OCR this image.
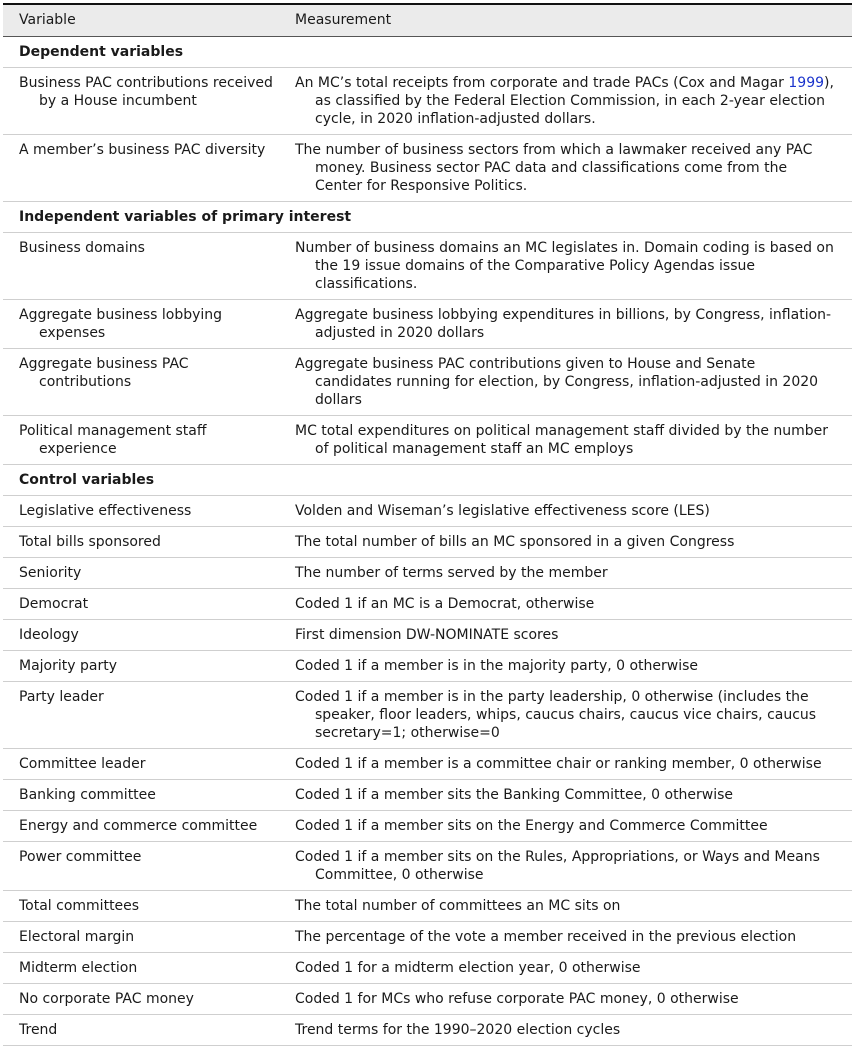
Variable	Measurement
Dependent variables	

Business PAC contributions received by a House incumbent	An MC’s total receipts from corporate and trade PACs (Cox and Magar 1999), as classified by the Federal Election Commission, in each 2-year election cycle, in 2020 inflation-adjusted dollars.

A member’s business PAC diversity	The number of business sectors from which a lawmaker received any PAC money. Business sector PAC data and classifications come from the Center for Responsive Politics.

Independent variables of primary interest	

Business domains	Number of business domains an MC legislates in. Domain coding is based on the 19 issue domains of the Comparative Policy Agendas issue classifications.

Aggregate business lobbying expenses	Aggregate business lobbying expenditures in billions, by Congress, inflation-adjusted in 2020 dollars

Aggregate business PAC contributions	Aggregate business PAC contributions given to House and Senate candidates running for election, by Congress, inflation-adjusted in 2020 dollars

Political management staff experience	MC total expenditures on political management staff divided by the number of political management staff an MC employs

Control variables	

Legislative effectiveness	Volden and Wiseman’s legislative effectiveness score (LES)

Total bills sponsored	The total number of bills an MC sponsored in a given Congress

Seniority	The number of terms served by the member

Democrat	Coded 1 if an MC is a Democrat, otherwise

Ideology	First dimension DW-NOMINATE scores

Majority party	Coded 1 if a member is in the majority party, 0 otherwise

Party leader	Coded 1 if a member is in the party leadership, 0 otherwise (includes the speaker, floor leaders, whips, caucus chairs, caucus vice chairs, caucus secretary=1; otherwise=0

Committee leader	Coded 1 if a member is a committee chair or ranking member, 0 otherwise

Banking committee	Coded 1 if a member sits the Banking Committee, 0 otherwise

Energy and commerce committee	Coded 1 if a member sits on the Energy and Commerce Committee

Power committee	Coded 1 if a member sits on the Rules, Appropriations, or Ways and Means Committee, 0 otherwise

Total committees	The total number of committees an MC sits on

Electoral margin	The percentage of the vote a member received in the previous election

Midterm election	Coded 1 for a midterm election year, 0 otherwise

No corporate PAC money	Coded 1 for MCs who refuse corporate PAC money, 0 otherwise

Trend	Trend terms for the 1990–2020 election cycles
